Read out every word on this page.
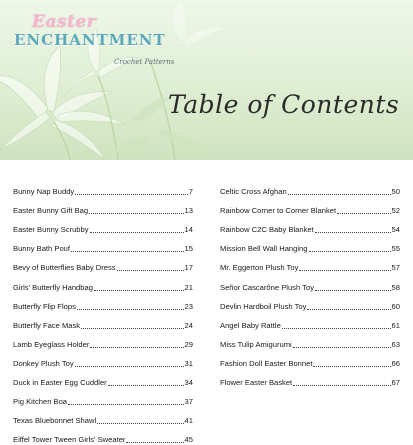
Easter
ENCHANTMENT
Crochet Patterns
Table of Contents
Bunny Nap Buddy	7
Easter Bunny Gift Bag	13
Easter Bunny Scrubby	14
Bunny Bath Pouf	15
Bevy of Butterflies Baby Dress	17
Girls' Butterfly Handbag	21
Butterfly Flip Flops	23
Butterfly Face Mask	24
Lamb Eyeglass Holder	29
Donkey Plush Toy	31
Duck in Easter Egg Cuddler	34
Pig Kitchen Boa	37
Texas Bluebonnet Shawl	41
Eiffel Tower Tween Girls' Sweater	45
Celtic Cross Afghan	50
Rainbow Corner to Corner Blanket	52
Rainbow C2C Baby Blanket	54
Mission Bell Wall Hanging	55
Mr. Eggerton Plush Toy	57
Señor Cascarône Plush Toy	58
Devlin Hardboil Plush Toy	60
Angel Baby Rattle	61
Miss Tulip Amigurumi	63
Fashion Doll Easter Bonnet	66
Flower Easter Basket	67
